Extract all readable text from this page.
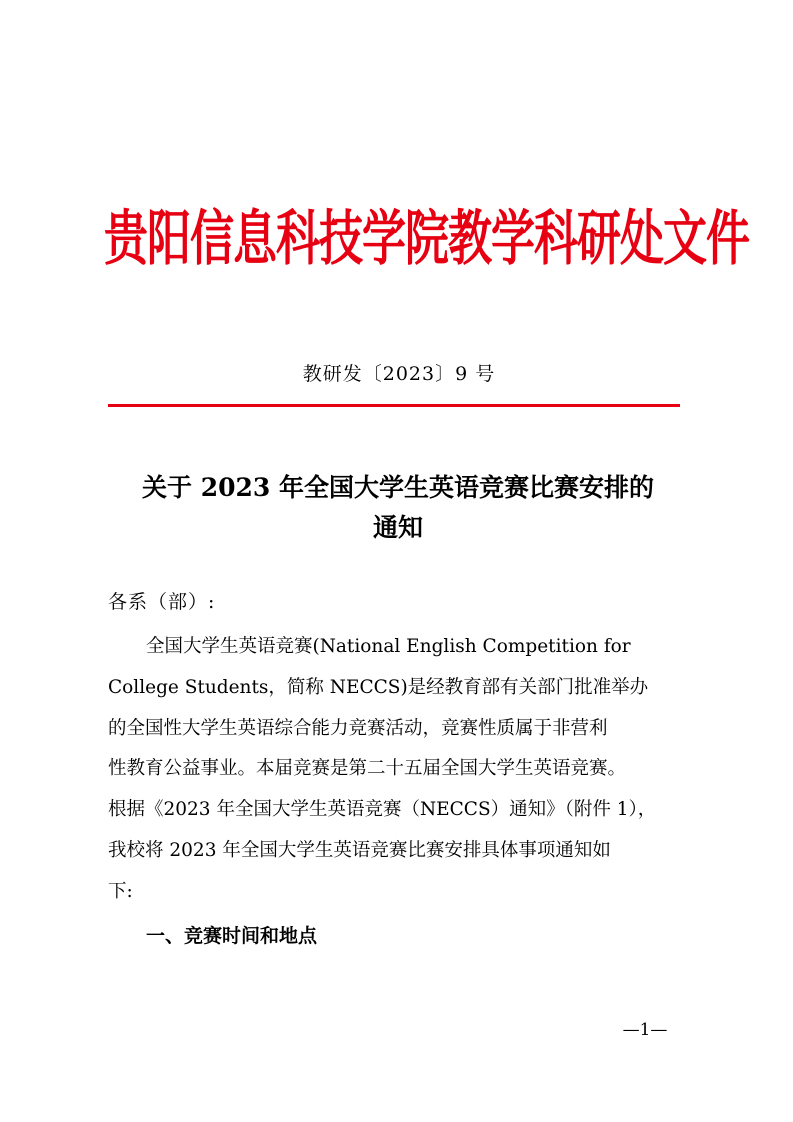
贵阳信息科技学院教学科研处文件
教研发〔2023〕9 号
关于 2023 年全国大学生英语竞赛比赛安排的
通知
各系（部）:
全国大学生英语竞赛(National English Competition for
College Students，简称 NECCS)是经教育部有关部门批准举办
的全国性大学生英语综合能力竞赛活动，竞赛性质属于非营利
性教育公益事业。本届竞赛是第二十五届全国大学生英语竞赛。
根据《2023 年全国大学生英语竞赛（NECCS）通知》（附件 1），
我校将 2023 年全国大学生英语竞赛比赛安排具体事项通知如
下:
一、竞赛时间和地点
—1—
